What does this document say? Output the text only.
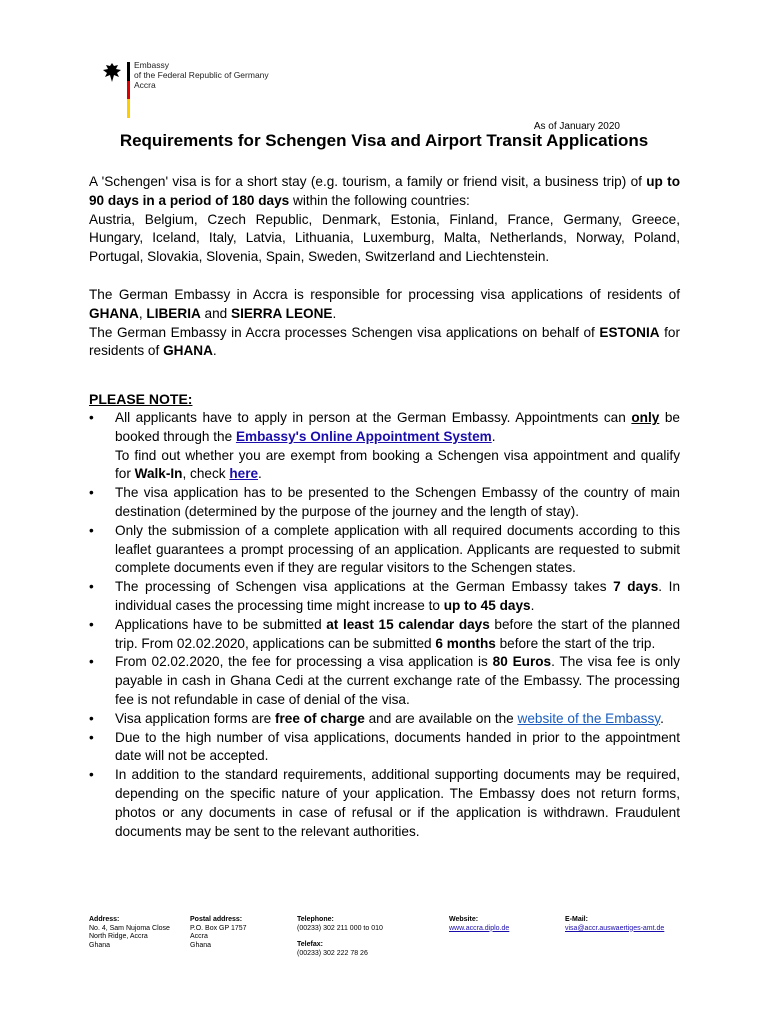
Embassy
of the Federal Republic of Germany
Accra
As of January 2020
Requirements for Schengen Visa and Airport Transit Applications

A 'Schengen' visa is for a short stay (e.g. tourism, a family or friend visit, a business trip) of up to 90 days in a period of 180 days within the following countries:
Austria, Belgium, Czech Republic, Denmark, Estonia, Finland, France, Germany, Greece, Hungary, Iceland, Italy, Latvia, Lithuania, Luxemburg, Malta, Netherlands, Norway, Poland, Portugal, Slovakia, Slovenia, Spain, Sweden, Switzerland and Liechtenstein.

The German Embassy in Accra is responsible for processing visa applications of residents of GHANA, LIBERIA and SIERRA LEONE.
The German Embassy in Accra processes Schengen visa applications on behalf of ESTONIA for residents of GHANA.

PLEASE NOTE:

• All applicants have to apply in person at the German Embassy. Appointments can only be booked through the Embassy's Online Appointment System.
To find out whether you are exempt from booking a Schengen visa appointment and qualify for Walk-In, check here.
• The visa application has to be presented to the Schengen Embassy of the country of main destination (determined by the purpose of the journey and the length of stay).
• Only the submission of a complete application with all required documents according to this leaflet guarantees a prompt processing of an application. Applicants are requested to submit complete documents even if they are regular visitors to the Schengen states.
• The processing of Schengen visa applications at the German Embassy takes 7 days. In individual cases the processing time might increase to up to 45 days.
• Applications have to be submitted at least 15 calendar days before the start of the planned trip. From 02.02.2020, applications can be submitted 6 months before the start of the trip.
• From 02.02.2020, the fee for processing a visa application is 80 Euros. The visa fee is only payable in cash in Ghana Cedi at the current exchange rate of the Embassy. The processing fee is not refundable in case of denial of the visa.
• Visa application forms are free of charge and are available on the website of the Embassy.
• Due to the high number of visa applications, documents handed in prior to the appointment date will not be accepted.
• In addition to the standard requirements, additional supporting documents may be required, depending on the specific nature of your application. The Embassy does not return forms, photos or any documents in case of refusal or if the application is withdrawn. Fraudulent documents may be sent to the relevant authorities.
Address:
No. 4, Sam Nujoma Close
North Ridge, Accra
Ghana
Postal address:
P.O. Box GP 1757
Accra
Ghana
Telephone:
(00233) 302 211 000 to 010
Telefax:
(00233) 302 222 78 26
Website:
www.accra.diplo.de
E-Mail:
visa@accr.auswaertiges-amt.de
